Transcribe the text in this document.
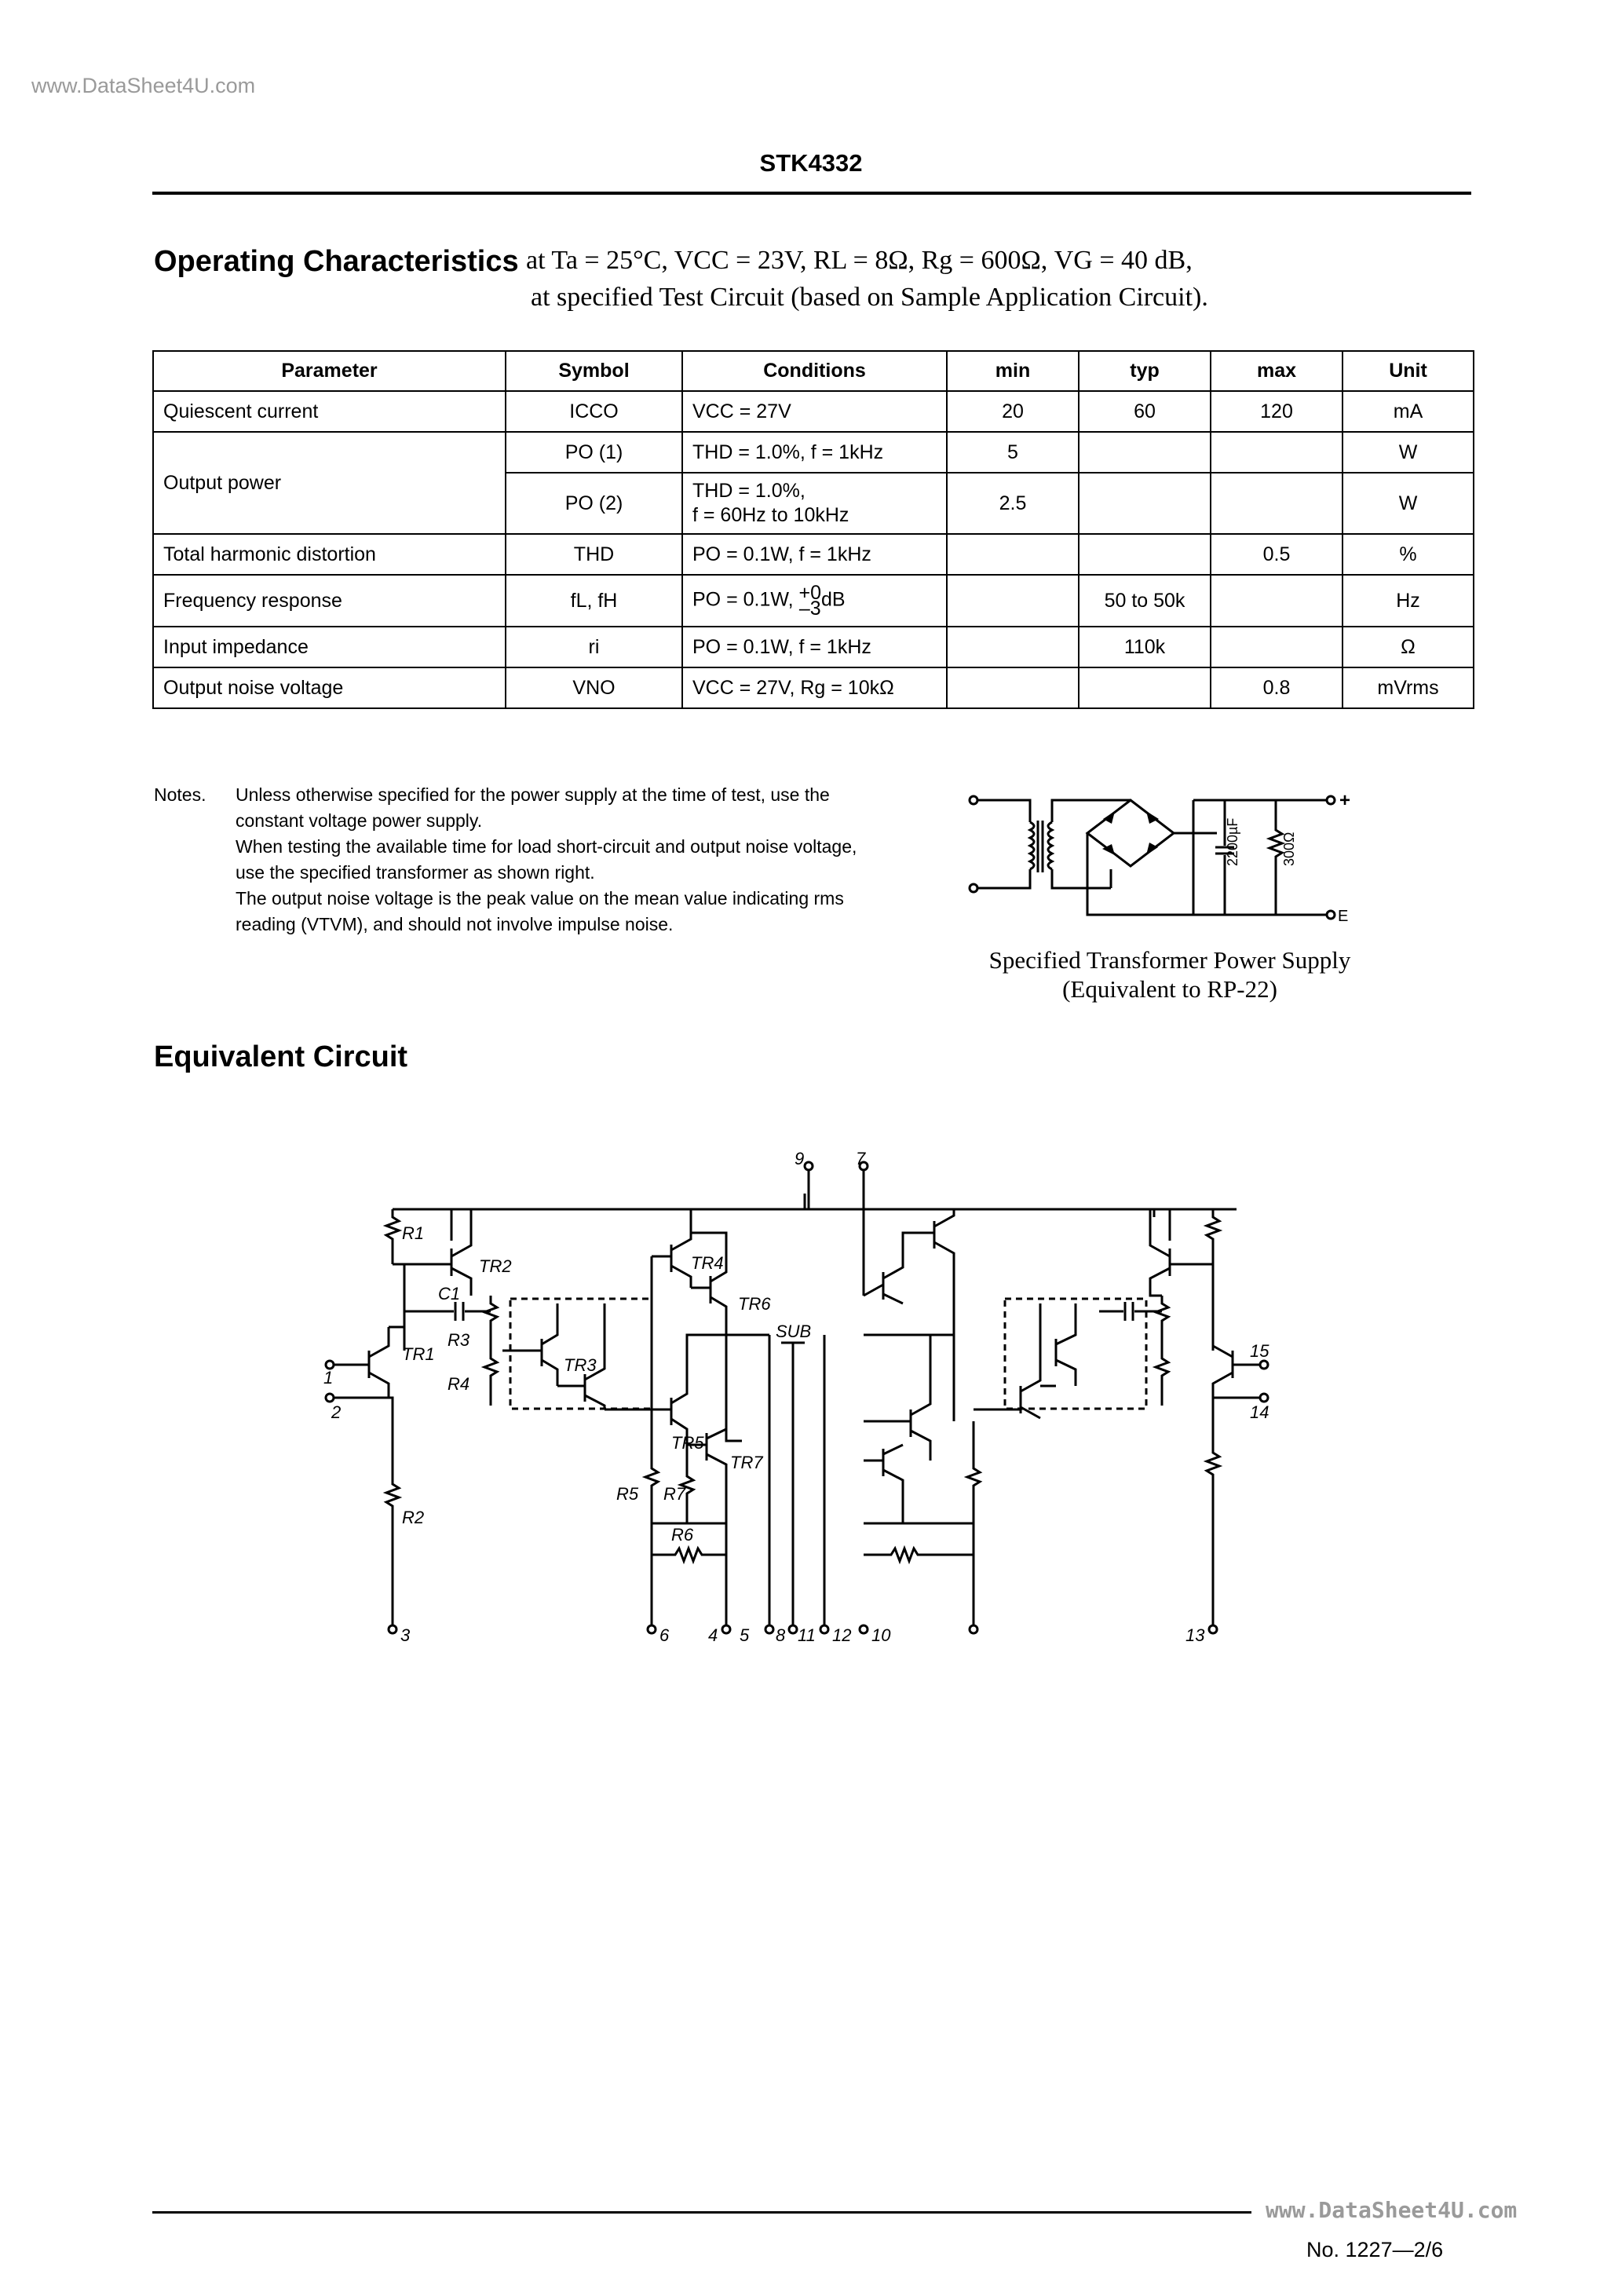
www.DataSheet4U.com
STK4332
Operating Characteristics at Ta = 25°C, VCC = 23V, RL = 8Ω, Rg = 600Ω, VG = 40 dB,
at specified Test Circuit (based on Sample Application Circuit).
Parameter	Symbol	Conditions	min	typ	max	Unit
Quiescent current	ICCO	VCC = 27V	20	60	120	mA
Output power	PO (1)	THD = 1.0%, f = 1kHz	5			W
	PO (2)	THD = 1.0%,
f = 60Hz to 10kHz	2.5			W
Total harmonic distortion	THD	PO = 0.1W, f = 1kHz			0.5	%
Frequency response	fL, fH	PO = 0.1W, +0
–3 dB		50 to 50k		Hz
Input impedance	ri	PO = 0.1W, f = 1kHz		110k		Ω
Output noise voltage	VNO	VCC = 27V, Rg = 10kΩ			0.8	mVrms
Notes. Unless otherwise specified for the power supply at the time of test, use the
constant voltage power supply.
When testing the available time for load short-circuit and output noise voltage,
use the specified transformer as shown right.
The output noise voltage is the peak value on the mean value indicating rms
reading (VTVM), and should not involve impulse noise.
2200µF	300Ω
+
E
Specified Transformer Power Supply
(Equivalent to RP-22)
Equivalent Circuit
R1
R2
R3
R4
R5
R6
R7
C1
TR1
TR2
TR3
TR4
TR5
TR6
TR7
SUB
1
2
3	4 5
6
7
8
9
10
11 12	13
14
15
www.DataSheet4U.com
No. 1227—2/6
